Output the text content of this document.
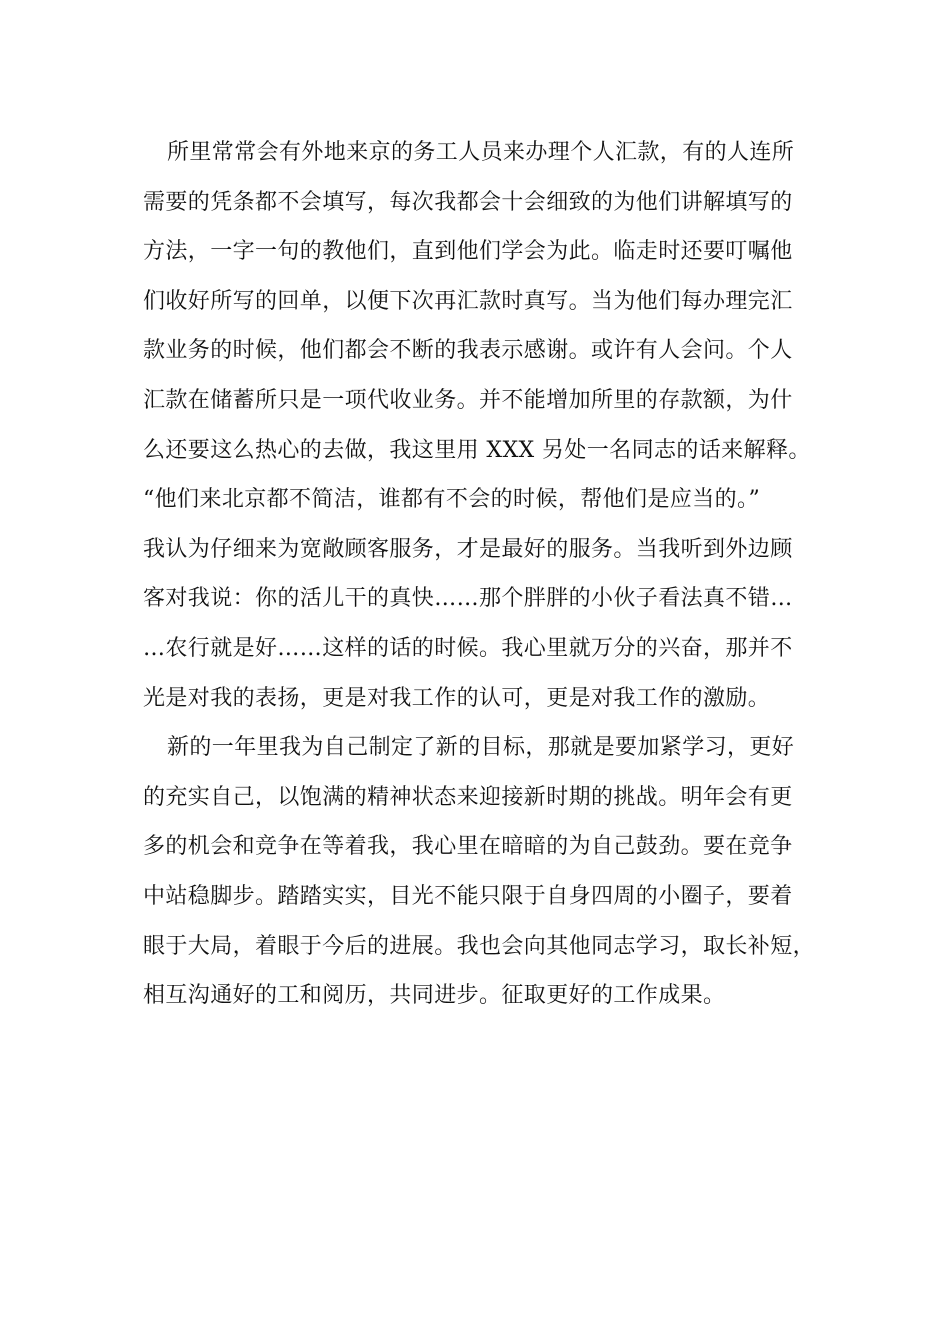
所里常常会有外地来京的务工人员来办理个人汇款，有的人连所
需要的凭条都不会填写，每次我都会十会细致的为他们讲解填写的
方法，一字一句的教他们，直到他们学会为此。临走时还要叮嘱他
们收好所写的回单，以便下次再汇款时真写。当为他们每办理完汇
款业务的时候，他们都会不断的我表示感谢。或许有人会问。个人
汇款在储蓄所只是一项代收业务。并不能增加所里的存款额，为什
么还要这么热心的去做，我这里用 XXX 另处一名同志的话来解释。
“他们来北京都不简洁，谁都有不会的时候，帮他们是应当的。”
我认为仔细来为宽敞顾客服务，才是最好的服务。当我听到外边顾
客对我说：你的活儿干的真快……那个胖胖的小伙子看法真不错…
…农行就是好……这样的话的时候。我心里就万分的兴奋，那并不
光是对我的表扬，更是对我工作的认可，更是对我工作的激励。
新的一年里我为自己制定了新的目标，那就是要加紧学习，更好
的充实自己，以饱满的精神状态来迎接新时期的挑战。明年会有更
多的机会和竞争在等着我，我心里在暗暗的为自己鼓劲。要在竞争
中站稳脚步。踏踏实实，目光不能只限于自身四周的小圈子，要着
眼于大局，着眼于今后的进展。我也会向其他同志学习，取长补短，
相互沟通好的工和阅历，共同进步。征取更好的工作成果。
